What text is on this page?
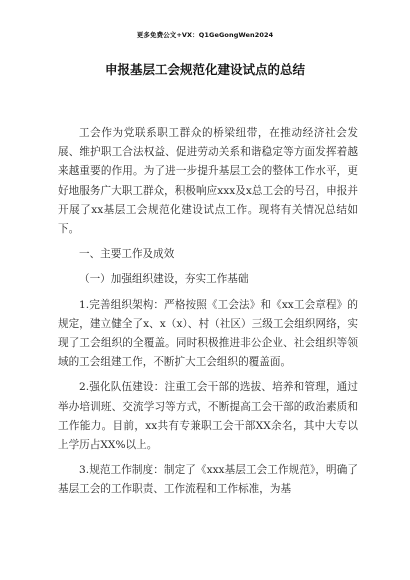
更多免费公文+VX：Q1GeGongWen2024
申报基层工会规范化建设试点的总结

工会作为党联系职工群众的桥梁纽带，在推动经济社会发展、维护职工合法权益、促进劳动关系和谐稳定等方面发挥着越来越重要的作用。为了进一步提升基层工会的整体工作水平，更好地服务广大职工群众，积极响应xxx及x总工会的号召，申报并开展了xx基层工会规范化建设试点工作。现将有关情况总结如下。

一、主要工作及成效

（一）加强组织建设，夯实工作基础

1.完善组织架构：严格按照《工会法》和《xx工会章程》的规定，建立健全了x、x（x）、村（社区）三级工会组织网络，实现了工会组织的全覆盖。同时积极推进非公企业、社会组织等领域的工会组建工作，不断扩大工会组织的覆盖面。

2.强化队伍建设：注重工会干部的选拔、培养和管理，通过举办培训班、交流学习等方式，不断提高工会干部的政治素质和工作能力。目前，xx共有专兼职工会干部XX余名，其中大专以上学历占XX%以上。

3.规范工作制度：制定了《xxx基层工会工作规范》，明确了基层工会的工作职责、工作流程和工作标准，为基
